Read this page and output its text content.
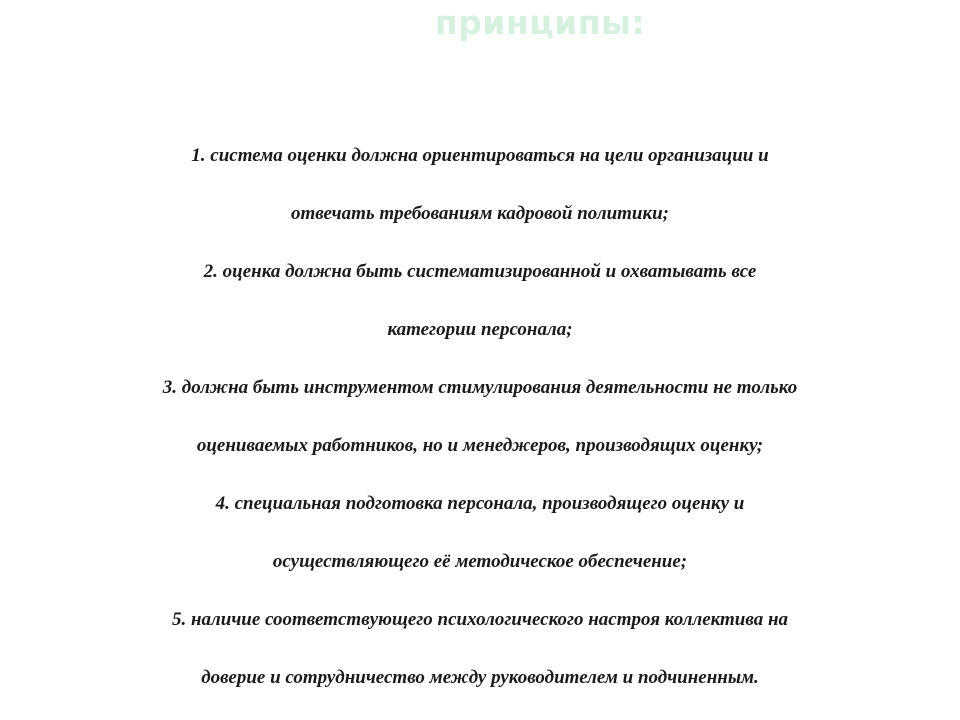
принципы:
1. система оценки должна ориентироваться на цели организации и
отвечать требованиям кадровой политики;
2. оценка должна быть систематизированной и охватывать все
категории персонала;
3. должна быть инструментом стимулирования деятельности не только
оцениваемых работников, но и менеджеров, производящих оценку;
4. специальная подготовка персонала, производящего оценку и
осуществляющего её методическое обеспечение;
5. наличие соответствующего психологического настроя коллектива на
доверие и сотрудничество между руководителем и подчиненным.
